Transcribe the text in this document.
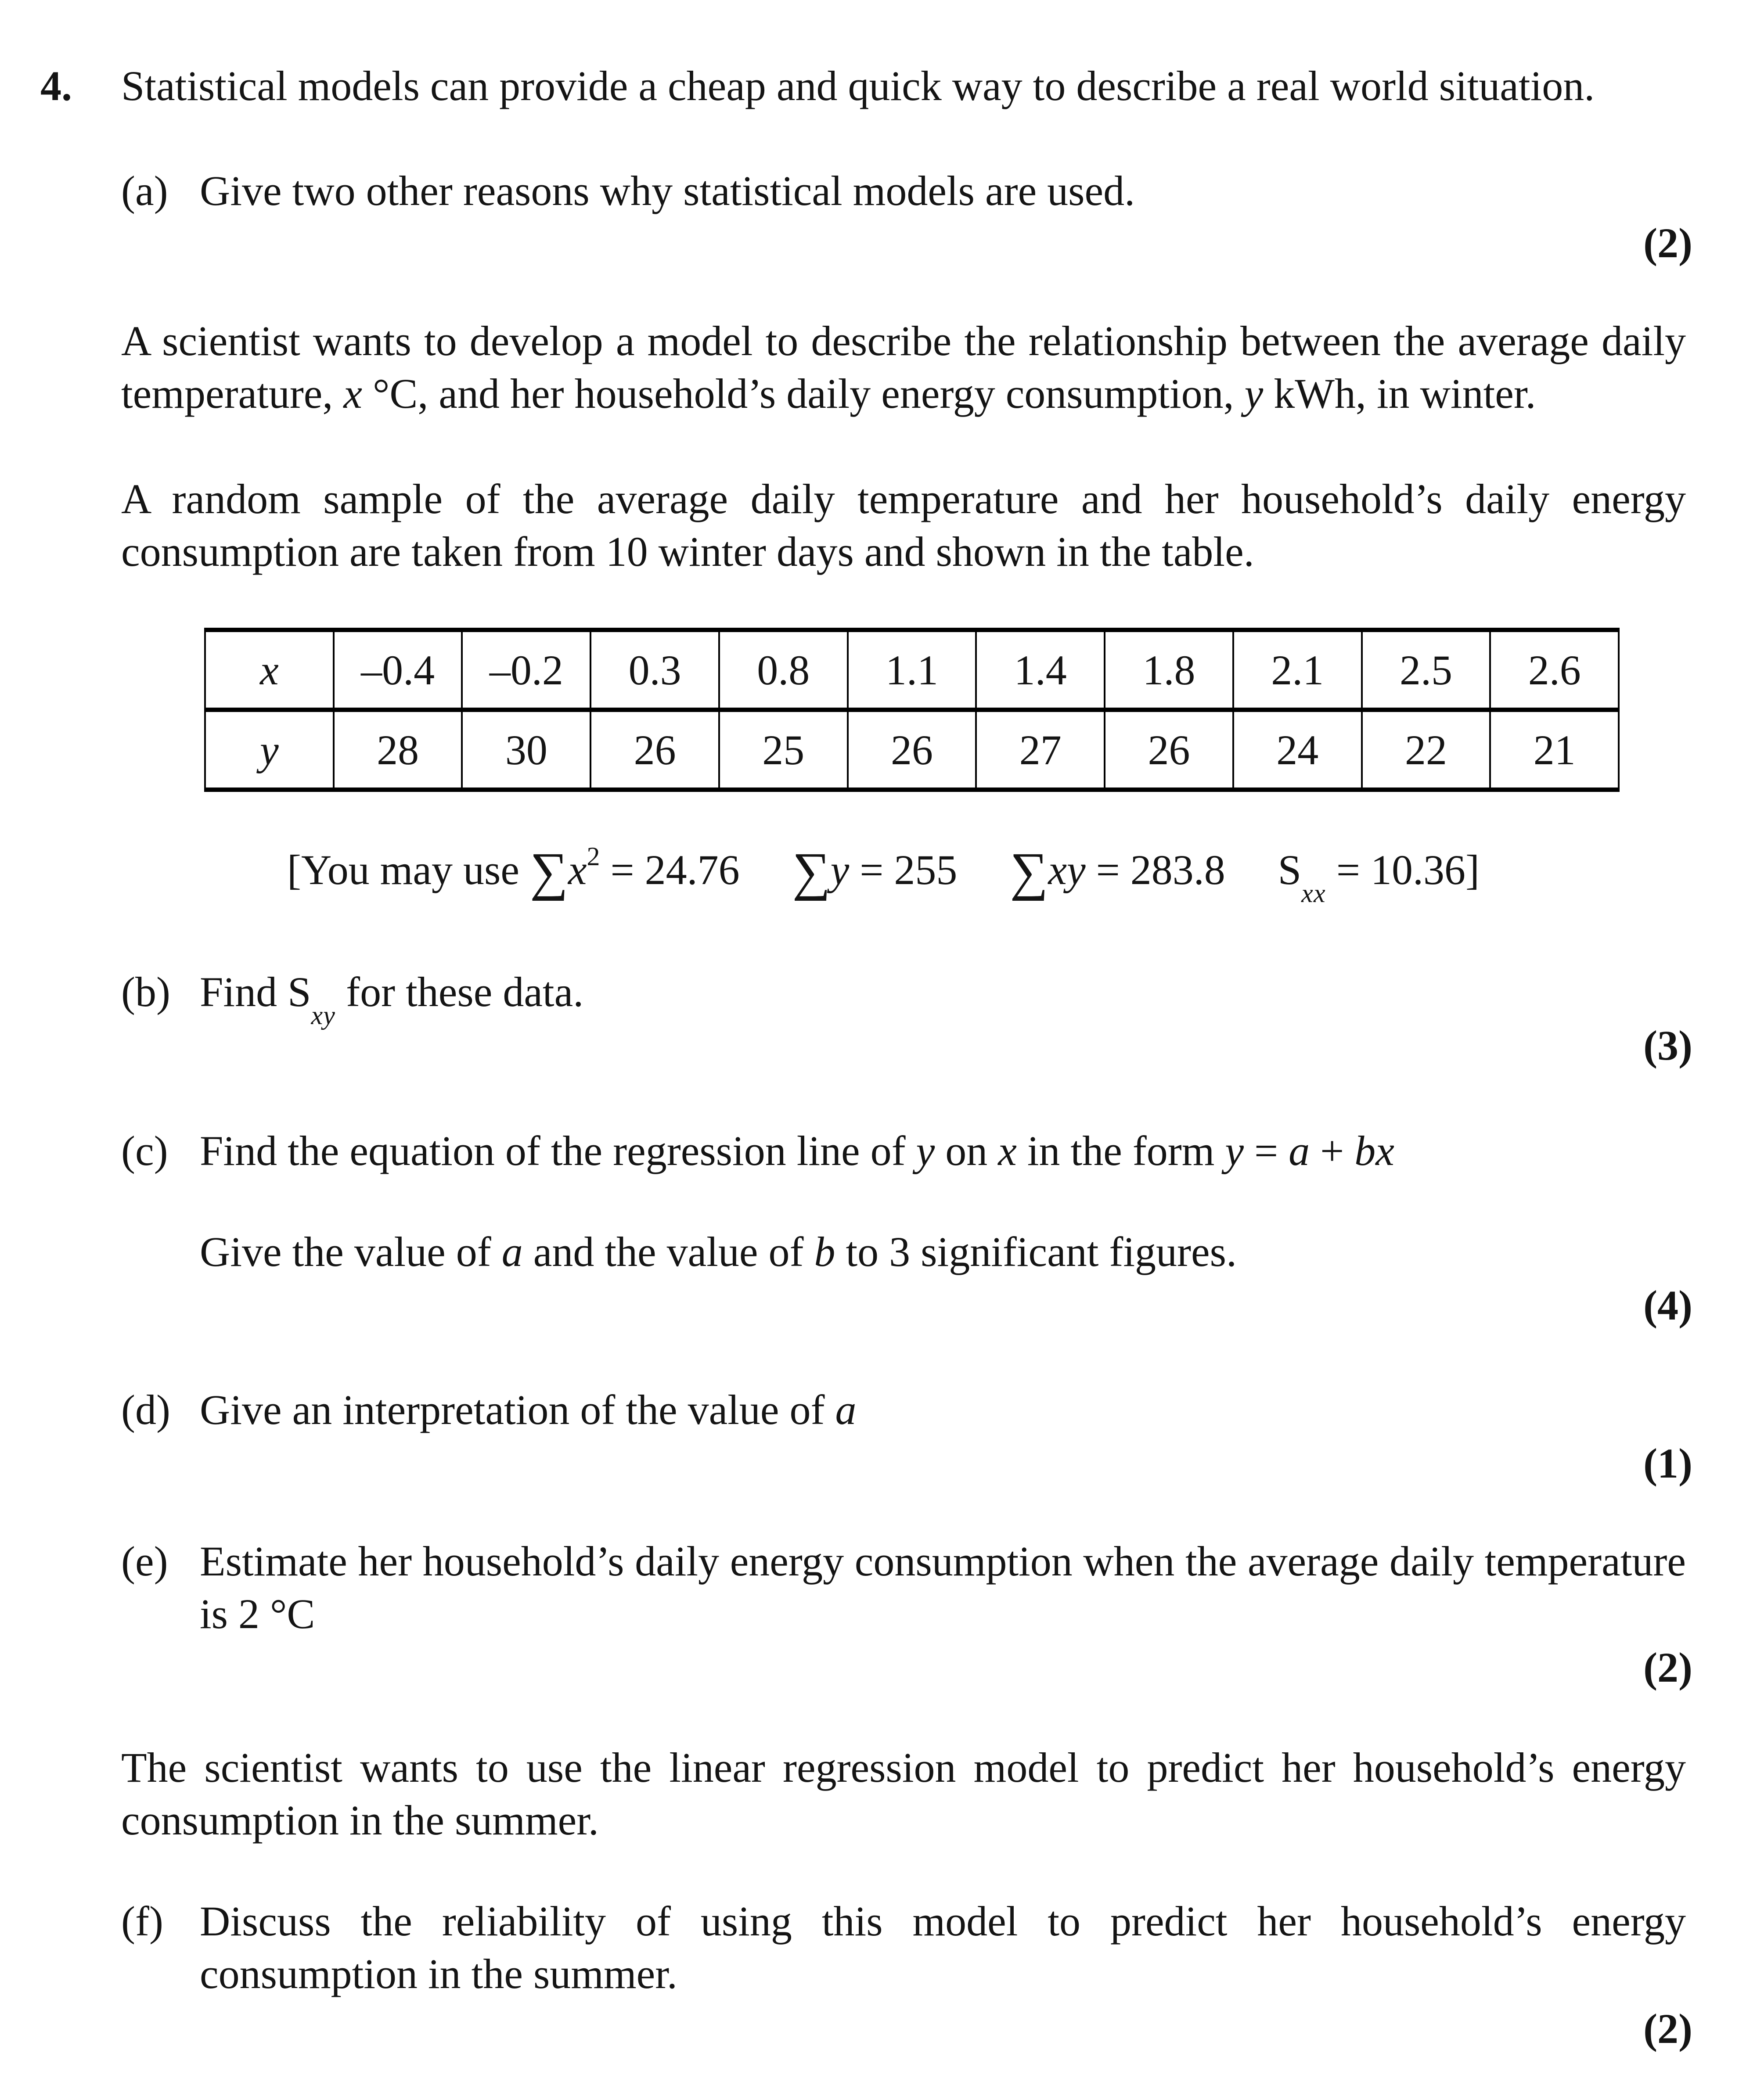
4. Statistical models can provide a cheap and quick way to describe a real world situation.
(a) Give two other reasons why statistical models are used.
(2)
A scientist wants to develop a model to describe the relationship between the average daily
temperature, x °C, and her household’s daily energy consumption, y kWh, in winter.
A random sample of the average daily temperature and her household’s daily energy
consumption are taken from 10 winter days and shown in the table.
x	–0.4	–0.2	0.3	0.8	1.1	1.4	1.8	2.1	2.5	2.6
y	28	30	26	25	26	27	26	24	22	21
[You may use $\sum x^2 = 24.76$   ∑y = 255   ∑xy = 283.8   $S_{xx} = 10.36$]
(b) Find $S_{xy}$ for these data.
(3)
(c) Find the equation of the regression line of y on x in the form y = a + bx
Give the value of a and the value of b to 3 significant figures.
(4)
(d) Give an interpretation of the value of a
(1)
(e) Estimate her household’s daily energy consumption when the average daily temperature
is 2 °C
(2)
The scientist wants to use the linear regression model to predict her household’s energy
consumption in the summer.
(f) Discuss the reliability of using this model to predict her household’s energy
consumption in the summer.
(2)
